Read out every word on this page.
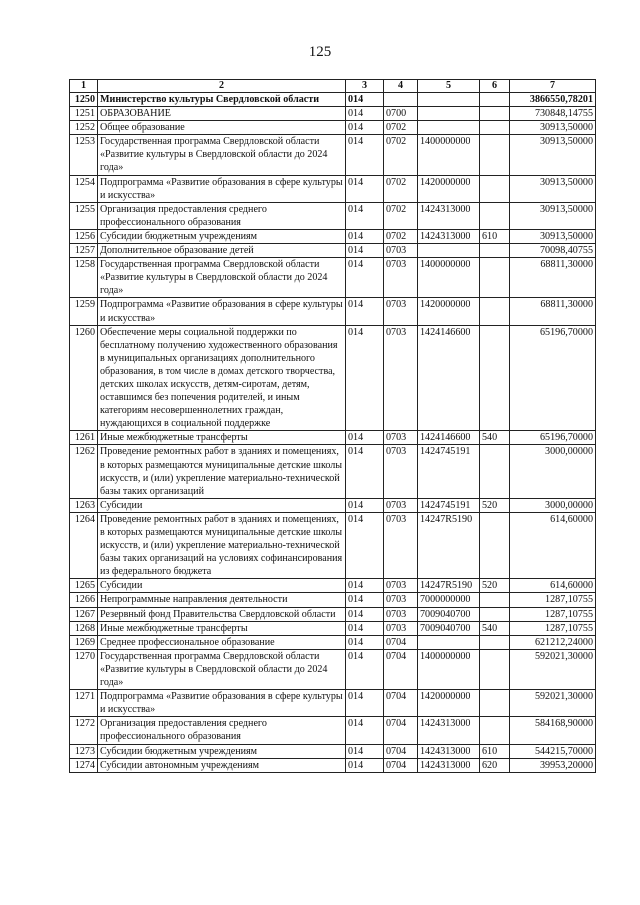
125
1	2	3	4	5	6	7
1250	Министерство культуры Свердловской области	014				3866550,78201
1251	ОБРАЗОВАНИЕ	014	0700			730848,14755
1252	Общее образование	014	0702			30913,50000
1253	Государственная программа Свердловской области «Развитие культуры в Свердловской области до 2024 года»	014	0702	1400000000		30913,50000
1254	Подпрограмма «Развитие образования в сфере культуры и искусства»	014	0702	1420000000		30913,50000
1255	Организация предоставления среднего профессионального образования	014	0702	1424313000		30913,50000
1256	Субсидии бюджетным учреждениям	014	0702	1424313000	610	30913,50000
1257	Дополнительное образование детей	014	0703			70098,40755
1258	Государственная программа Свердловской области «Развитие культуры в Свердловской области до 2024 года»	014	0703	1400000000		68811,30000
1259	Подпрограмма «Развитие образования в сфере культуры и искусства»	014	0703	1420000000		68811,30000
1260	Обеспечение меры социальной поддержки по бесплатному получению художественного образования в муниципальных организациях дополнительного образования, в том числе в домах детского творчества, детских школах искусств, детям-сиротам, детям, оставшимся без попечения родителей, и иным категориям несовершеннолетних граждан, нуждающихся в социальной поддержке	014	0703	1424146600		65196,70000
1261	Иные межбюджетные трансферты	014	0703	1424146600	540	65196,70000
1262	Проведение ремонтных работ в зданиях и помещениях, в которых размещаются муниципальные детские школы искусств, и (или) укрепление материально-технической базы таких организаций	014	0703	1424745191		3000,00000
1263	Субсидии	014	0703	1424745191	520	3000,00000
1264	Проведение ремонтных работ в зданиях и помещениях, в которых размещаются муниципальные детские школы искусств, и (или) укрепление материально-технической базы таких организаций на условиях софинансирования из федерального бюджета	014	0703	14247R5190		614,60000
1265	Субсидии	014	0703	14247R5190	520	614,60000
1266	Непрограммные направления деятельности	014	0703	7000000000		1287,10755
1267	Резервный фонд Правительства Свердловской области	014	0703	7009040700		1287,10755
1268	Иные межбюджетные трансферты	014	0703	7009040700	540	1287,10755
1269	Среднее профессиональное образование	014	0704			621212,24000
1270	Государственная программа Свердловской области «Развитие культуры в Свердловской области до 2024 года»	014	0704	1400000000		592021,30000
1271	Подпрограмма «Развитие образования в сфере культуры и искусства»	014	0704	1420000000		592021,30000
1272	Организация предоставления среднего профессионального образования	014	0704	1424313000		584168,90000
1273	Субсидии бюджетным учреждениям	014	0704	1424313000	610	544215,70000
1274	Субсидии автономным учреждениям	014	0704	1424313000	620	39953,20000
